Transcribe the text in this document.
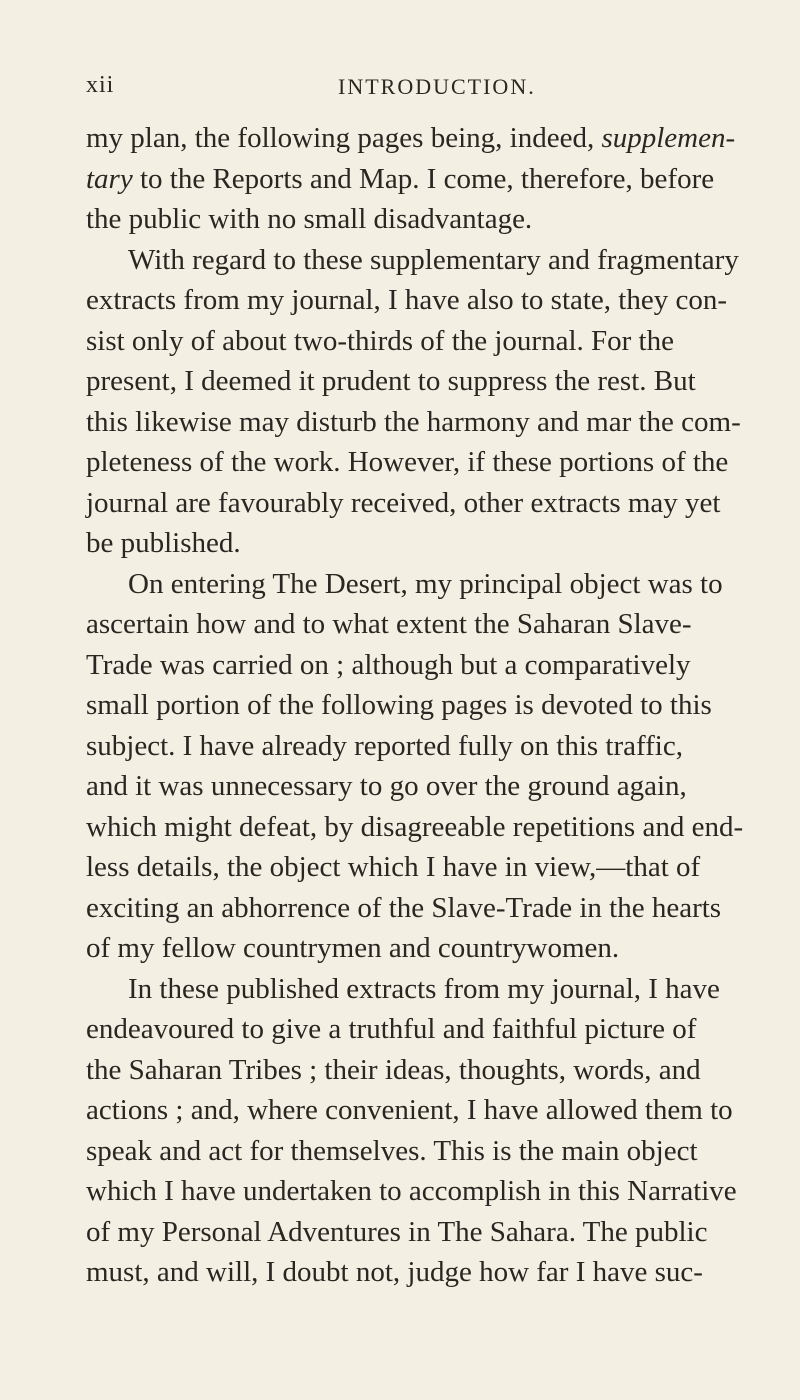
xii	INTRODUCTION.

my plan, the following pages being, indeed, supplemen-
tary to the Reports and Map. I come, therefore, before
the public with no small disadvantage.

With regard to these supplementary and fragmentary
extracts from my journal, I have also to state, they con-
sist only of about two-thirds of the journal. For the
present, I deemed it prudent to suppress the rest. But
this likewise may disturb the harmony and mar the com-
pleteness of the work. However, if these portions of the
journal are favourably received, other extracts may yet
be published.

On entering The Desert, my principal object was to
ascertain how and to what extent the Saharan Slave-
Trade was carried on ; although but a comparatively
small portion of the following pages is devoted to this
subject. I have already reported fully on this traffic,
and it was unnecessary to go over the ground again,
which might defeat, by disagreeable repetitions and end-
less details, the object which I have in view,—that of
exciting an abhorrence of the Slave-Trade in the hearts
of my fellow countrymen and countrywomen.

In these published extracts from my journal, I have
endeavoured to give a truthful and faithful picture of
the Saharan Tribes ; their ideas, thoughts, words, and
actions ; and, where convenient, I have allowed them to
speak and act for themselves. This is the main object
which I have undertaken to accomplish in this Narrative
of my Personal Adventures in The Sahara. The public
must, and will, I doubt not, judge how far I have suc-
